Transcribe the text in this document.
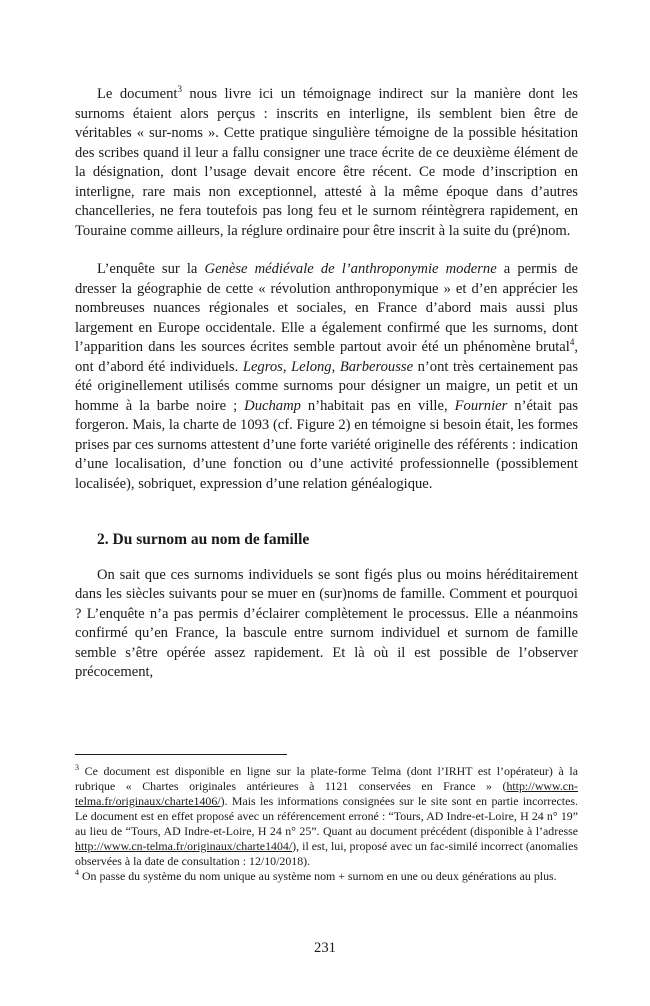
Le document$^3$ nous livre ici un témoignage indirect sur la manière dont les surnoms étaient alors perçus : inscrits en interligne, ils semblent bien être de véritables « sur-noms ». Cette pratique singulière témoigne de la possible hésitation des scribes quand il leur a fallu consigner une trace écrite de ce deuxième élément de la désignation, dont l’usage devait encore être récent. Ce mode d’inscription en interligne, rare mais non exceptionnel, attesté à la même époque dans d’autres chancelleries, ne fera toutefois pas long feu et le surnom réintègrera rapidement, en Touraine comme ailleurs, la réglure ordinaire pour être inscrit à la suite du (pré)nom.

L’enquête sur la Genèse médiévale de l’anthroponymie moderne a permis de dresser la géographie de cette « révolution anthroponymique » et d’en apprécier les nombreuses nuances régionales et sociales, en France d’abord mais aussi plus largement en Europe occidentale. Elle a également confirmé que les surnoms, dont l’apparition dans les sources écrites semble partout avoir été un phénomène brutal$^4$, ont d’abord été individuels. Legros, Lelong, Barberousse n’ont très certainement pas été originellement utilisés comme surnoms pour désigner un maigre, un petit et un homme à la barbe noire ; Duchamp n’habitait pas en ville, Fournier n’était pas forgeron. Mais, la charte de 1093 (cf. Figure 2) en témoigne si besoin était, les formes prises par ces surnoms attestent d’une forte variété originelle des référents : indication d’une localisation, d’une fonction ou d’une activité professionnelle (possiblement localisée), sobriquet, expression d’une relation généalogique.

2. Du surnom au nom de famille

On sait que ces surnoms individuels se sont figés plus ou moins héréditairement dans les siècles suivants pour se muer en (sur)noms de famille. Comment et pourquoi ? L’enquête n’a pas permis d’éclairer complètement le processus. Elle a néanmoins confirmé qu’en France, la bascule entre surnom individuel et surnom de famille semble s’être opérée assez rapidement. Et là où il est possible de l’observer précocement,

$^3$ Ce document est disponible en ligne sur la plate-forme Telma (dont l’IRHT est l’opérateur) à la rubrique « Chartes originales antérieures à 1121 conservées en France » (http://www.cn-telma.fr/originaux/charte1406/). Mais les informations consignées sur le site sont en partie incorrectes. Le document est en effet proposé avec un référencement erroné : “Tours, AD Indre-et-Loire, H 24 n° 19” au lieu de “Tours, AD Indre-et-Loire, H 24 n° 25”. Quant au document précédent (disponible à l’adresse http://www.cn-telma.fr/originaux/charte1404/), il est, lui, proposé avec un fac-similé incorrect (anomalies observées à la date de consultation : 12/10/2018).

$^4$ On passe du système du nom unique au système nom + surnom en une ou deux générations au plus.

231
